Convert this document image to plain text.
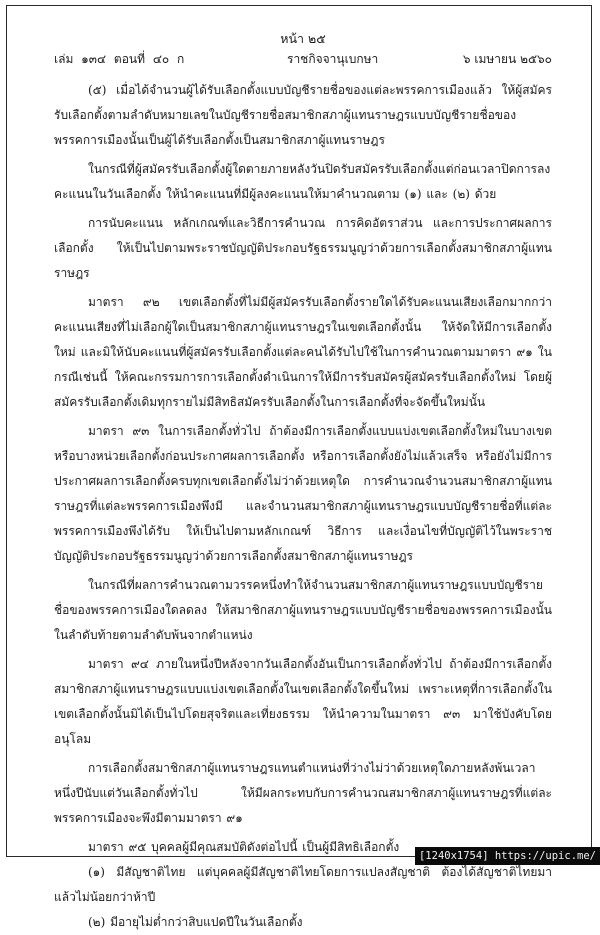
หน้า ๒๕
เล่ม ๑๓๔ ตอนที่ ๔๐ ก	ราชกิจจานุเบกษา	๖ เมษายน ๒๕๖๐

(๕) เมื่อได้จำนวนผู้ได้รับเลือกตั้งแบบบัญชีรายชื่อของแต่ละพรรคการเมืองแล้ว ให้ผู้สมัครรับเลือกตั้งตามลำดับหมายเลขในบัญชีรายชื่อสมาชิกสภาผู้แทนราษฎรแบบบัญชีรายชื่อของพรรคการเมืองนั้นเป็นผู้ได้รับเลือกตั้งเป็นสมาชิกสภาผู้แทนราษฎร

ในกรณีที่ผู้สมัครรับเลือกตั้งผู้ใดตายภายหลังวันปิดรับสมัครรับเลือกตั้งแต่ก่อนเวลาปิดการลงคะแนนในวันเลือกตั้ง ให้นำคะแนนที่มีผู้ลงคะแนนให้มาคำนวณตาม (๑) และ (๒) ด้วย

การนับคะแนน หลักเกณฑ์และวิธีการคำนวณ การคิดอัตราส่วน และการประกาศผลการเลือกตั้ง ให้เป็นไปตามพระราชบัญญัติประกอบรัฐธรรมนูญว่าด้วยการเลือกตั้งสมาชิกสภาผู้แทนราษฎร

มาตรา ๙๒ เขตเลือกตั้งที่ไม่มีผู้สมัครรับเลือกตั้งรายใดได้รับคะแนนเสียงเลือกมากกว่าคะแนนเสียงที่ไม่เลือกผู้ใดเป็นสมาชิกสภาผู้แทนราษฎรในเขตเลือกตั้งนั้น ให้จัดให้มีการเลือกตั้งใหม่ และมิให้นับคะแนนที่ผู้สมัครรับเลือกตั้งแต่ละคนได้รับไปใช้ในการคำนวณตามมาตรา ๙๑ ในกรณีเช่นนี้ ให้คณะกรรมการการเลือกตั้งดำเนินการให้มีการรับสมัครผู้สมัครรับเลือกตั้งใหม่ โดยผู้สมัครรับเลือกตั้งเดิมทุกรายไม่มีสิทธิสมัครรับเลือกตั้งในการเลือกตั้งที่จะจัดขึ้นใหม่นั้น

มาตรา ๙๓ ในการเลือกตั้งทั่วไป ถ้าต้องมีการเลือกตั้งแบบแบ่งเขตเลือกตั้งใหม่ในบางเขตหรือบางหน่วยเลือกตั้งก่อนประกาศผลการเลือกตั้ง หรือการเลือกตั้งยังไม่แล้วเสร็จ หรือยังไม่มีการประกาศผลการเลือกตั้งครบทุกเขตเลือกตั้งไม่ว่าด้วยเหตุใด การคำนวณจำนวนสมาชิกสภาผู้แทนราษฎรที่แต่ละพรรคการเมืองพึงมี และจำนวนสมาชิกสภาผู้แทนราษฎรแบบบัญชีรายชื่อที่แต่ละพรรคการเมืองพึงได้รับ ให้เป็นไปตามหลักเกณฑ์ วิธีการ และเงื่อนไขที่บัญญัติไว้ในพระราชบัญญัติประกอบรัฐธรรมนูญว่าด้วยการเลือกตั้งสมาชิกสภาผู้แทนราษฎร

ในกรณีที่ผลการคำนวณตามวรรคหนึ่งทำให้จำนวนสมาชิกสภาผู้แทนราษฎรแบบบัญชีรายชื่อของพรรคการเมืองใดลดลง ให้สมาชิกสภาผู้แทนราษฎรแบบบัญชีรายชื่อของพรรคการเมืองนั้นในลำดับท้ายตามลำดับพ้นจากตำแหน่ง

มาตรา ๙๔ ภายในหนึ่งปีหลังจากวันเลือกตั้งอันเป็นการเลือกตั้งทั่วไป ถ้าต้องมีการเลือกตั้งสมาชิกสภาผู้แทนราษฎรแบบแบ่งเขตเลือกตั้งในเขตเลือกตั้งใดขึ้นใหม่ เพราะเหตุที่การเลือกตั้งในเขตเลือกตั้งนั้นมิได้เป็นไปโดยสุจริตและเที่ยงธรรม ให้นำความในมาตรา ๙๓ มาใช้บังคับโดยอนุโลม

การเลือกตั้งสมาชิกสภาผู้แทนราษฎรแทนตำแหน่งที่ว่างไม่ว่าด้วยเหตุใดภายหลังพ้นเวลาหนึ่งปีนับแต่วันเลือกตั้งทั่วไป ให้มีผลกระทบกับการคำนวณสมาชิกสภาผู้แทนราษฎรที่แต่ละพรรคการเมืองจะพึงมีตามมาตรา ๙๑

มาตรา ๙๕ บุคคลผู้มีคุณสมบัติดังต่อไปนี้ เป็นผู้มีสิทธิเลือกตั้ง

(๑) มีสัญชาติไทย แต่บุคคลผู้มีสัญชาติไทยโดยการแปลงสัญชาติ ต้องได้สัญชาติไทยมาแล้วไม่น้อยกว่าห้าปี

(๒) มีอายุไม่ต่ำกว่าสิบแปดปีในวันเลือกตั้ง

[1240x1754] https://upic.me/
